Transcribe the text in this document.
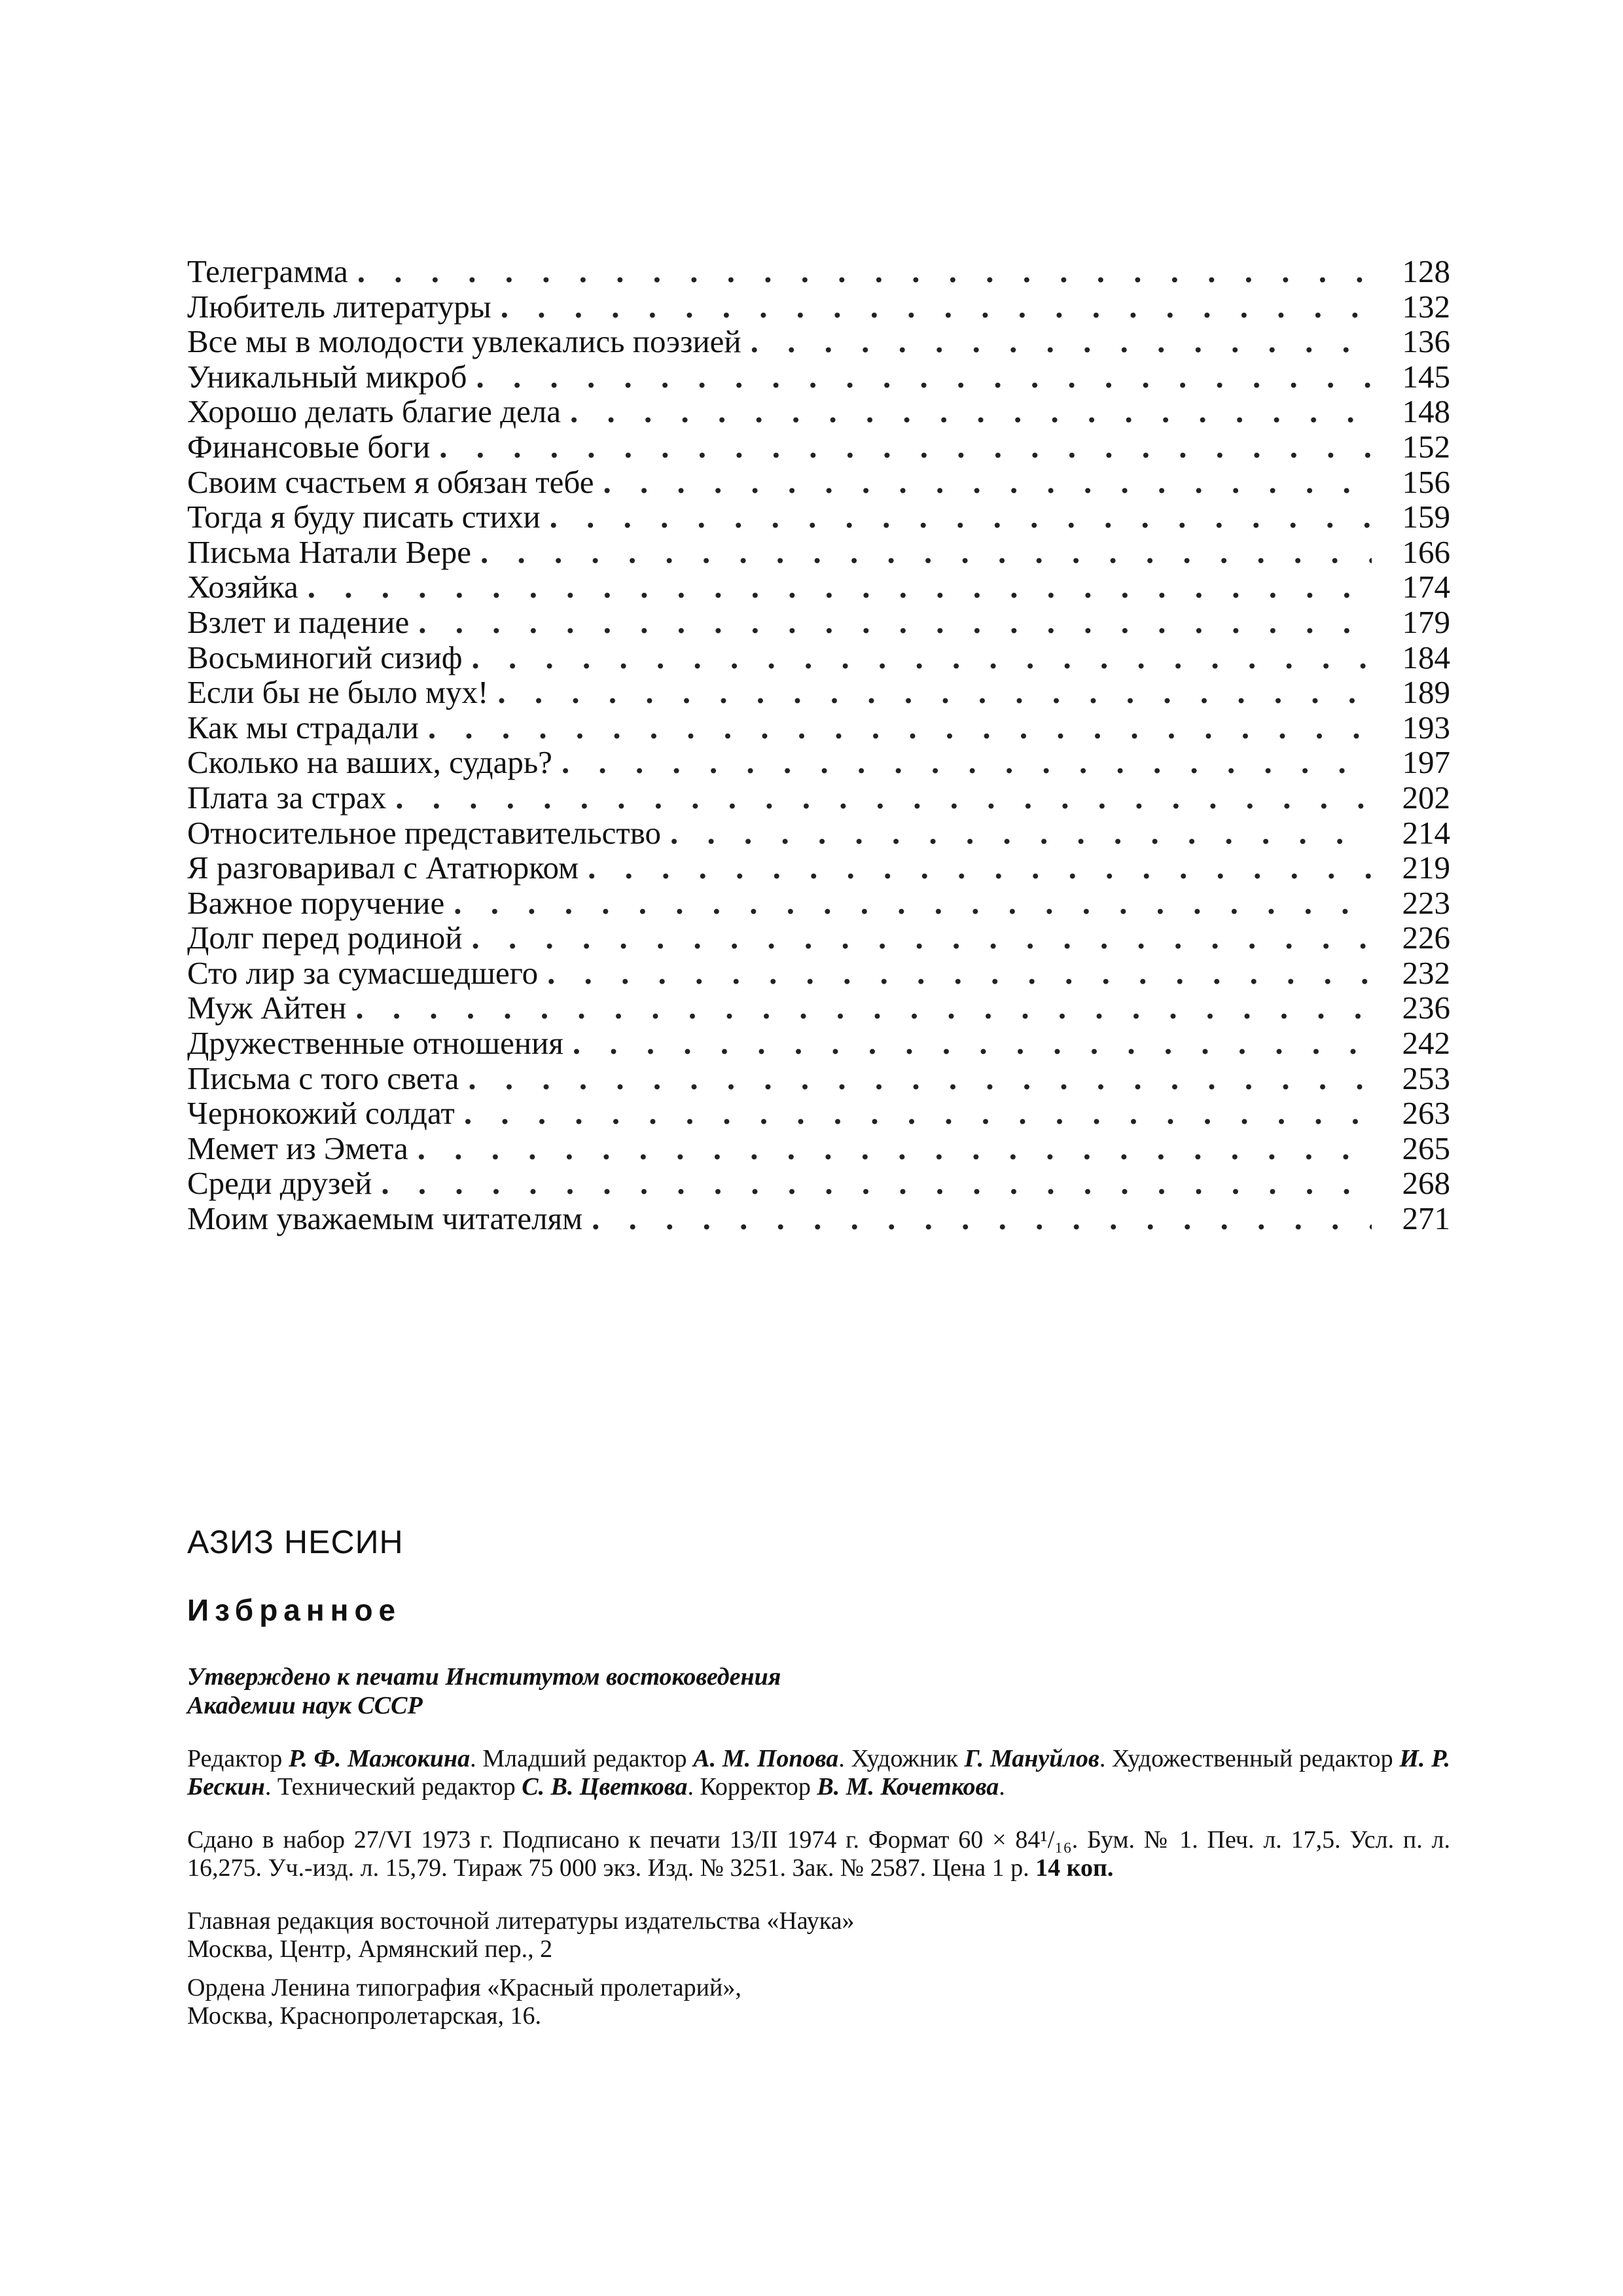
Телеграмма . . .	128
Любитель литературы . . .	132
Все мы в молодости увлекались поэзией . . .	136
Уникальный микроб . . .	145
Хорошо делать благие дела . . .	148
Финансовые боги . . .	152
Своим счастьем я обязан тебе . . .	156
Тогда я буду писать стихи . . .	159
Письма Натали Вере . . .	166
Хозяйка . . .	174
Взлет и падение . . .	179
Восьминогий сизиф . . .	184
Если бы не было мух! . . .	189
Как мы страдали . . .	193
Сколько на ваших, сударь? . . .	197
Плата за страх . . .	202
Относительное представительство . . .	214
Я разговаривал с Ататюрком . . .	219
Важное поручение . . .	223
Долг перед родиной . . .	226
Сто лир за сумасшедшего . . .	232
Муж Айтен . . .	236
Дружественные отношения . . .	242
Письма с того света . . .	253
Чернокожий солдат . . .	263
Мемет из Эмета . . .	265
Среди друзей . . .	268
Моим уважаемым читателям . . .	271
АЗИЗ НЕСИН
Избранное
Утверждено к печати Институтом востоковедения
Академии наук СССР

Редактор Р. Ф. Мажокина. Младший редактор А. М. Попова. Художник Г. Мануйлов. Художественный редактор И. Р. Бескин. Технический редактор С. В. Цветкова. Корректор В. М. Кочеткова.

Сдано в набор 27/VI 1973 г. Подписано к печати 13/II 1974 г. Формат 60 × 84¹/₁₆. Бум. № 1. Печ. л. 17,5. Усл. п. л. 16,275. Уч.-изд. л. 15,79. Тираж 75 000 экз. Изд. № 3251. Зак. № 2587. Цена 1 р. 14 коп.

Главная редакция восточной литературы издательства «Наука»

Москва, Центр, Армянский пер., 2

Ордена Ленина типография «Красный пролетарий»,

Москва, Краснопролетарская, 16.
